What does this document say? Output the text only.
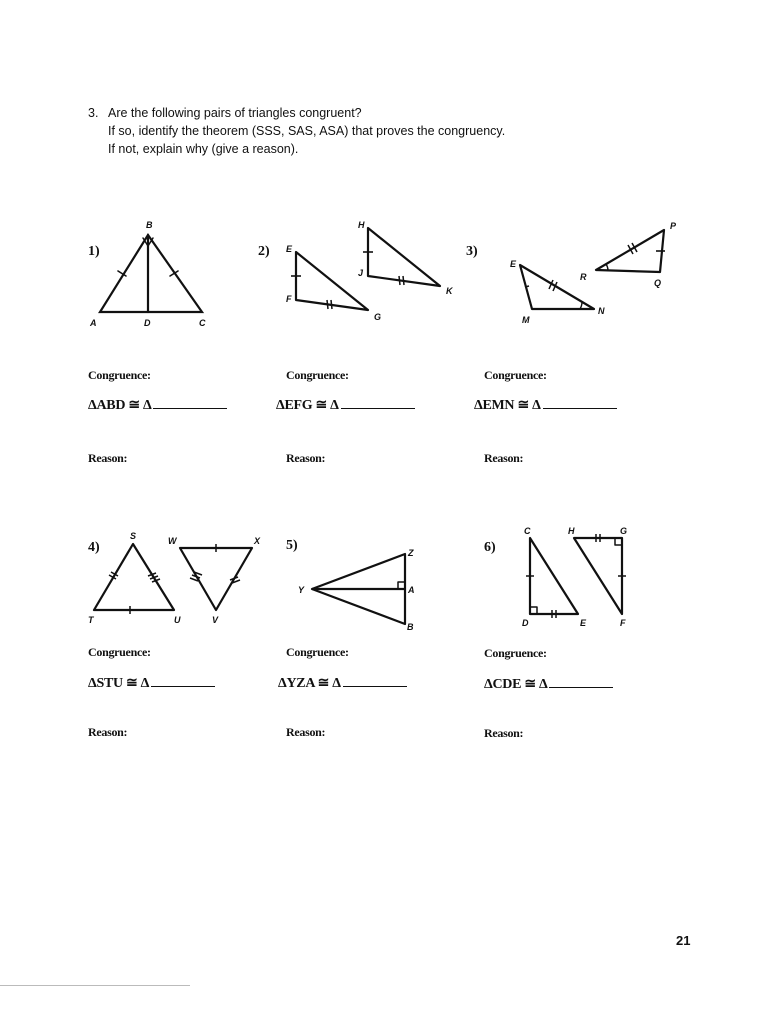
3. Are the following pairs of triangles congruent?
If so, identify the theorem (SSS, SAS, ASA) that proves the congruency.
If not, explain why (give a reason).
1)
B
A	D	C
2) E
F
G
H
J
K
3)
E
M
N
P
R
Q
Congruence:	Congruence:	Congruence:
ΔABD ≅ Δ	ΔEFG ≅ Δ	ΔEMN ≅ Δ
Reason:	Reason:	Reason:
4)
S
T	U
W	X
V
5)
Y
Z
A
B
6)
C
D	E
H	G
F
Congruence:	Congruence:	Congruence:
ΔSTU ≅ Δ	ΔYZA ≅ Δ	ΔCDE ≅ Δ
Reason:	Reason:	Reason:
21
